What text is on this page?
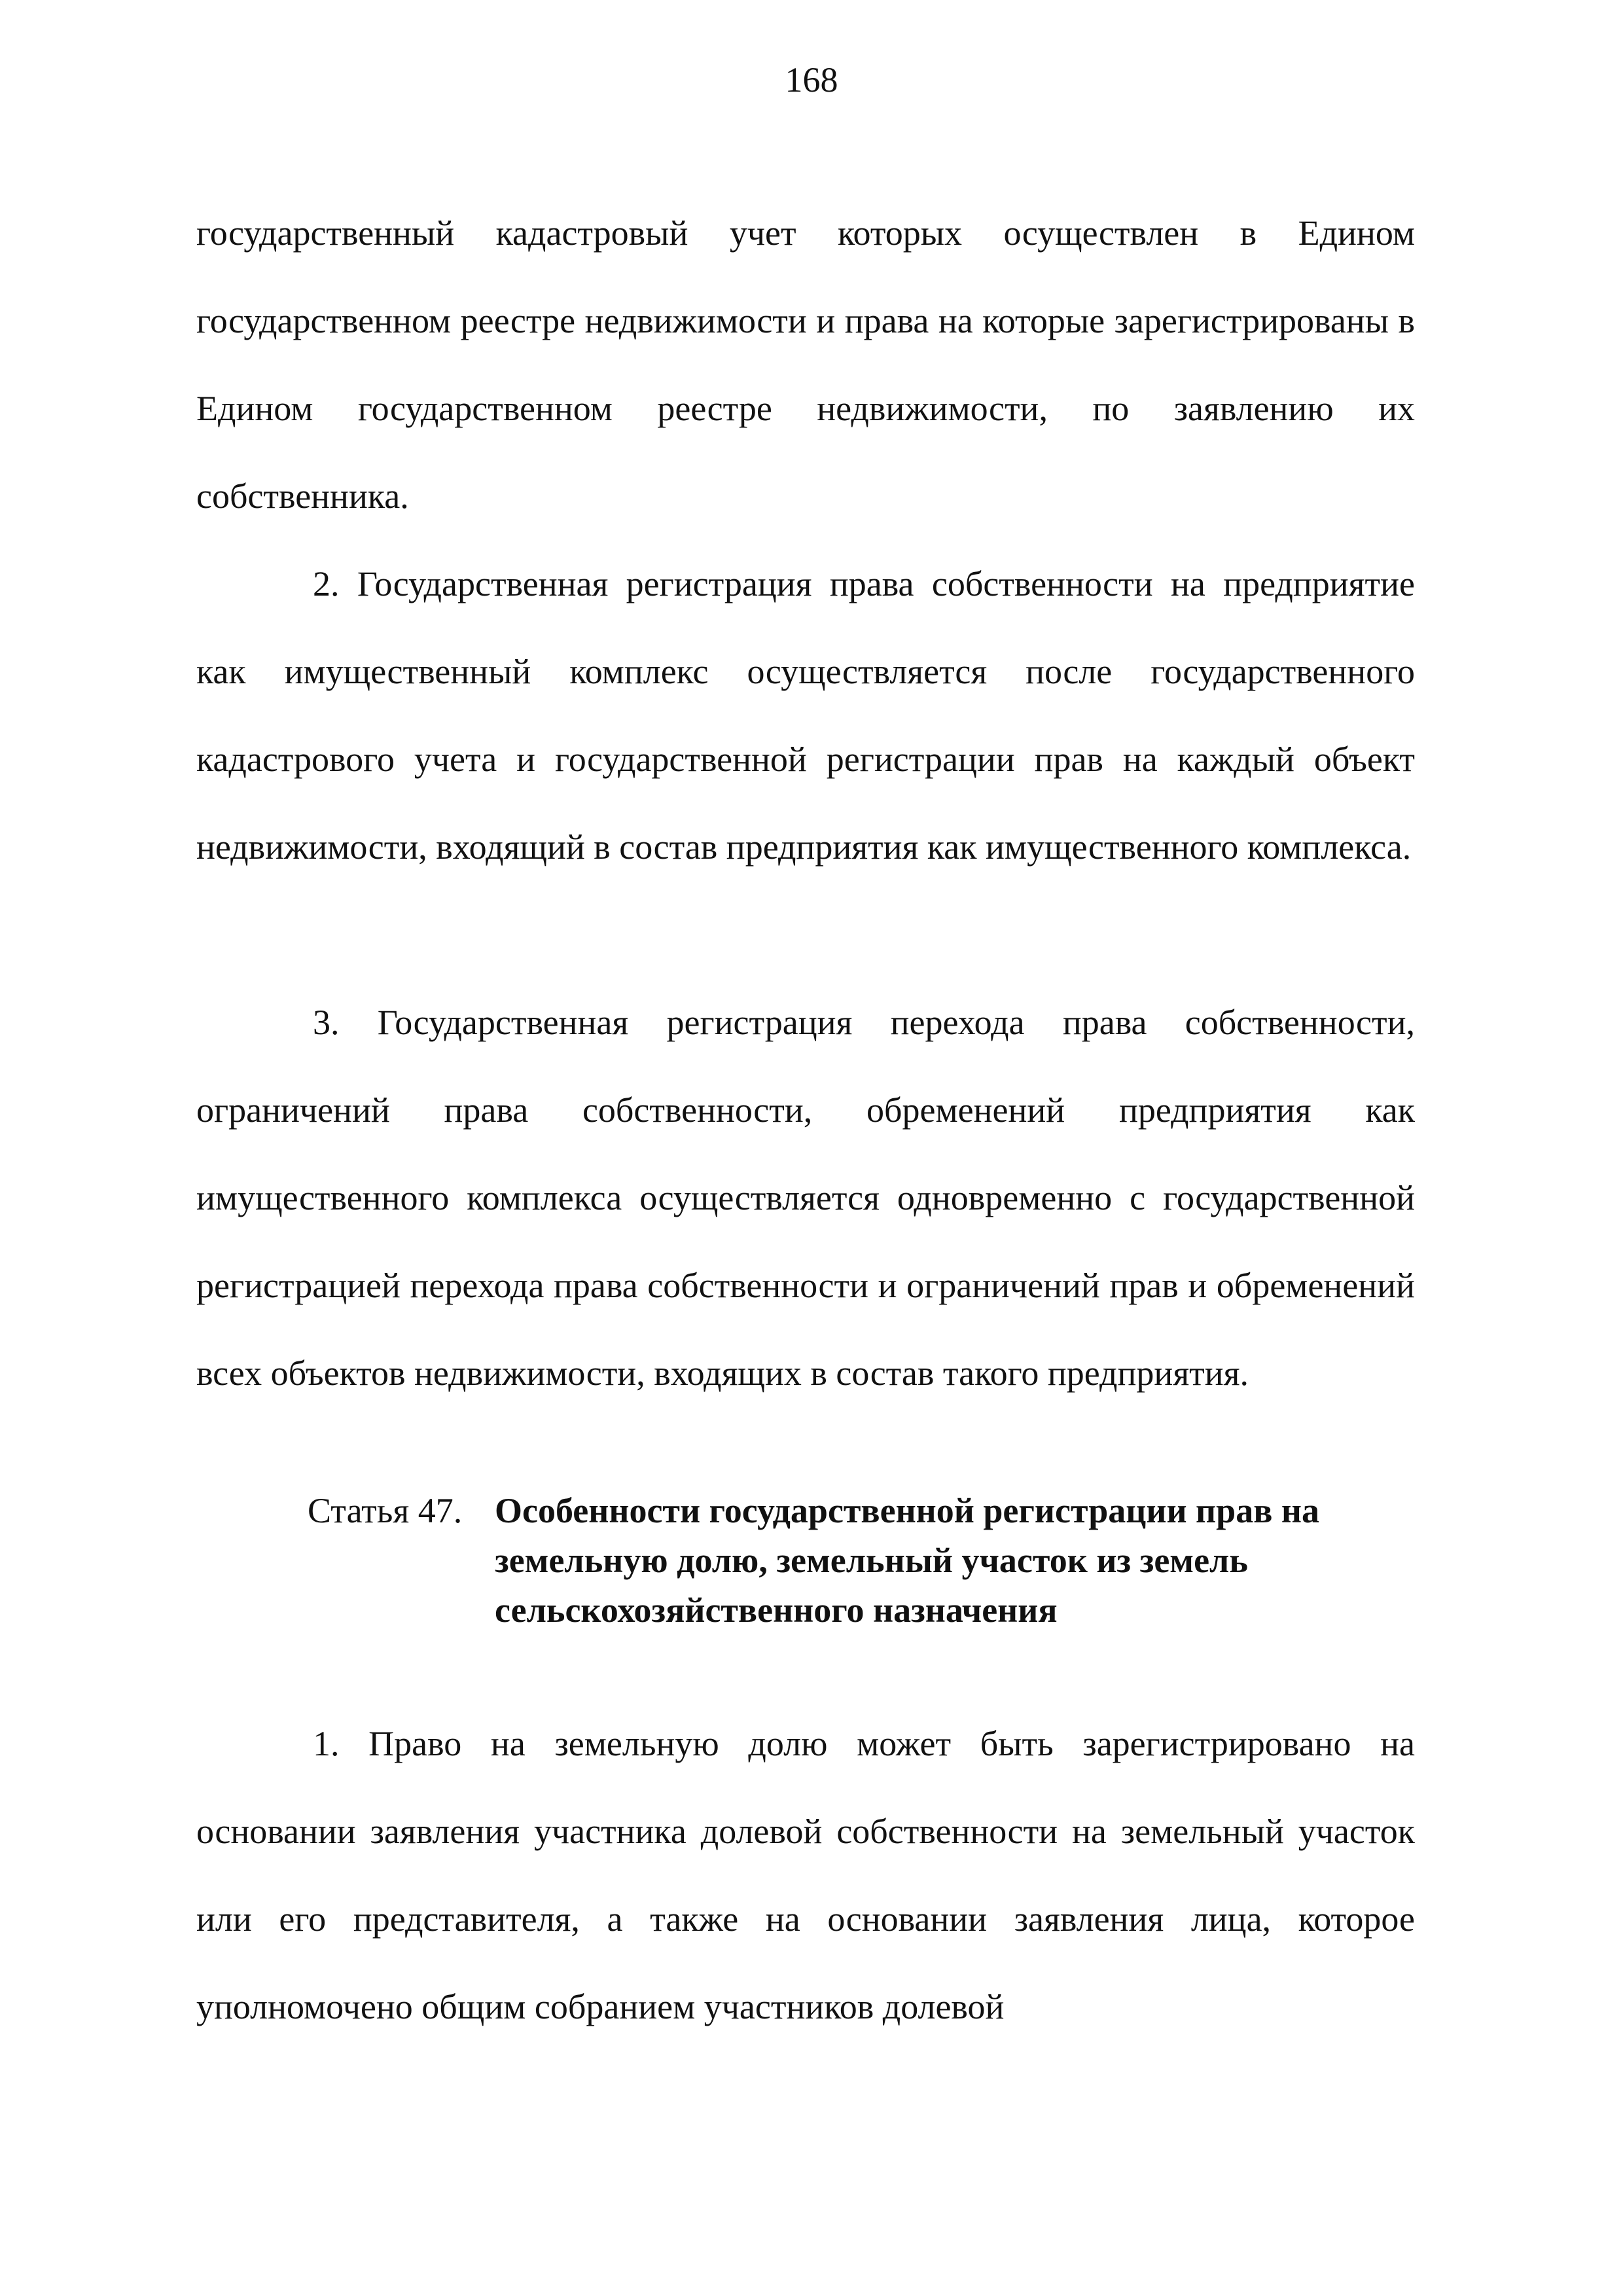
168

государственный кадастровый учет которых осуществлен в Едином государственном реестре недвижимости и права на которые зарегистрированы в Едином государственном реестре недвижимости, по заявлению их собственника.

2. Государственная регистрация права собственности на предприятие как имущественный комплекс осуществляется после государственного кадастрового учета и государственной регистрации прав на каждый объект недвижимости, входящий в состав предприятия как имущественного комплекса.

3. Государственная регистрация перехода права собственности, ограничений права собственности, обременений предприятия как имущественного комплекса осуществляется одновременно с государственной регистрацией перехода права собственности и ограничений прав и обременений всех объектов недвижимости, входящих в состав такого предприятия.

1. Право на земельную долю может быть зарегистрировано на основании заявления участника долевой собственности на земельный участок или его представителя, а также на основании заявления лица, которое уполномочено общим собранием участников долевой

Статья 47. Особенности государственной регистрации прав на земельную долю, земельный участок из земель сельскохозяйственного назначения
